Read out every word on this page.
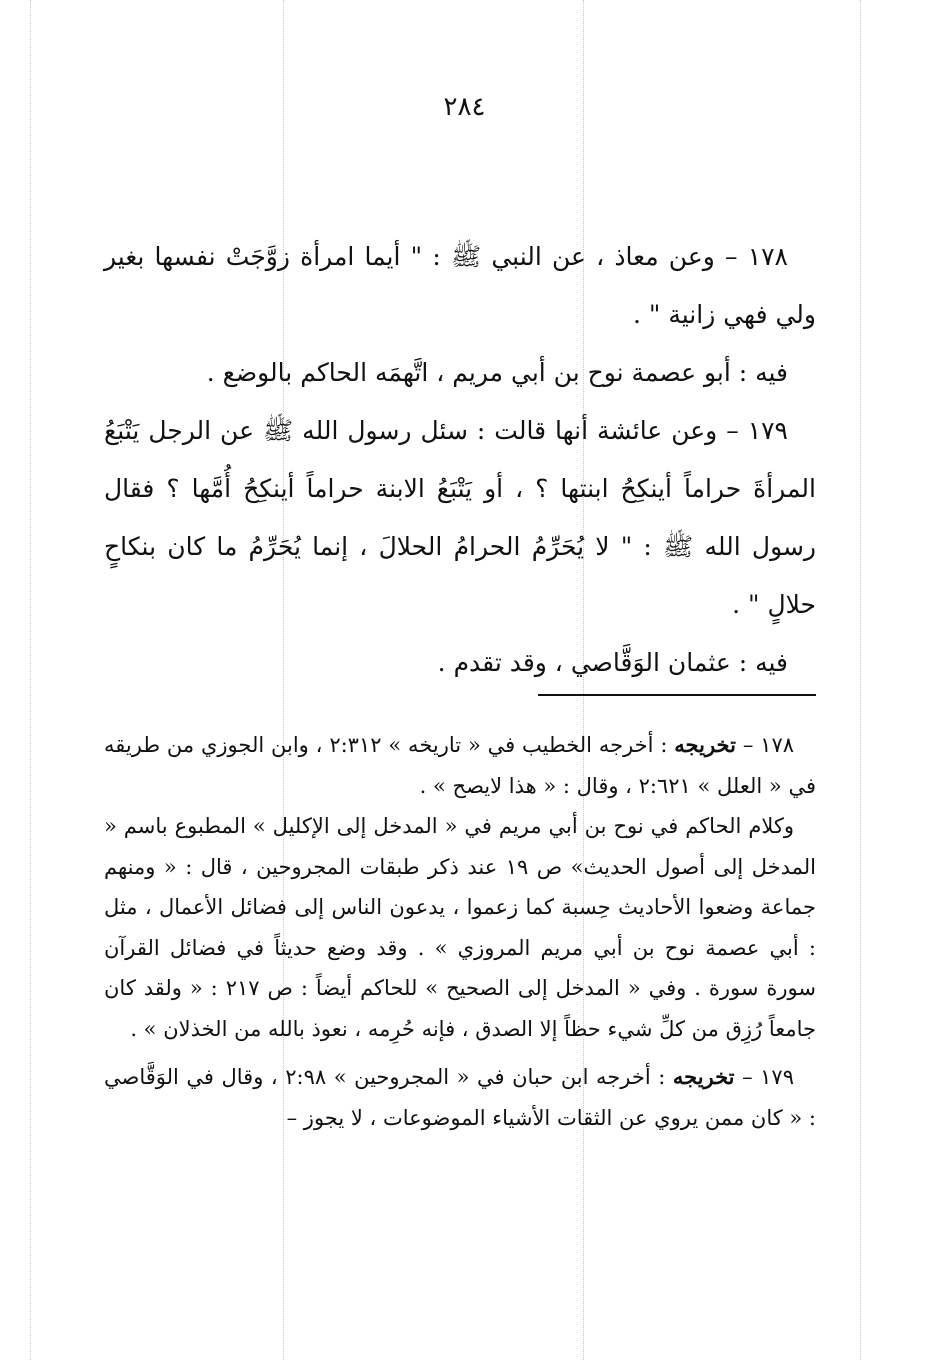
٢٨٤

١٧٨ – وعن معاذ ، عن النبي ﷺ : " أيما امرأة زوَّجَتْ نفسها بغير ولي فهي زانية " .

فيه : أبو عصمة نوح بن أبي مريم ، اتَّهمَه الحاكم بالوضع .

١٧٩ – وعن عائشة أنها قالت : سئل رسول الله ﷺ عن الرجل يَتْبَعُ المرأةَ حراماً أينكِحُ ابنتها ؟ ، أو يَتْبَعُ الابنة حراماً أينكِحُ أُمَّها ؟ فقال رسول الله ﷺ : " لا يُحَرِّمُ الحرامُ الحلالَ ، إنما يُحَرِّمُ ما كان بنكاحٍ حلالٍ " .

فيه : عثمان الوَقَّاصي ، وقد تقدم .

١٧٨ – تخريجه : أخرجه الخطيب في « تاريخه » ٢:٣١٢ ، وابن الجوزي من طريقه في « العلل » ٢:٦٢١ ، وقال : « هذا لايصح » .

وكلام الحاكم في نوح بن أبي مريم في « المدخل إلى الإكليل » المطبوع باسم « المدخل إلى أصول الحديث» ص ١٩ عند ذكر طبقات المجروحين ، قال : « ومنهم جماعة وضعوا الأحاديث حِسبة كما زعموا ، يدعون الناس إلى فضائل الأعمال ، مثل : أبي عصمة نوح بن أبي مريم المروزي » . وقد وضع حديثاً في فضائل القرآن سورة سورة . وفي « المدخل إلى الصحيح » للحاكم أيضاً : ص ٢١٧ : « ولقد كان جامعاً رُزِق من كلِّ شيء حظاً إلا الصدق ، فإنه حُرِمه ، نعوذ بالله من الخذلان » .

١٧٩ – تخريجه : أخرجه ابن حبان في « المجروحين » ٢:٩٨ ، وقال في الوَقَّاصي : « كان ممن يروي عن الثقات الأشياء الموضوعات ، لا يجوز –
